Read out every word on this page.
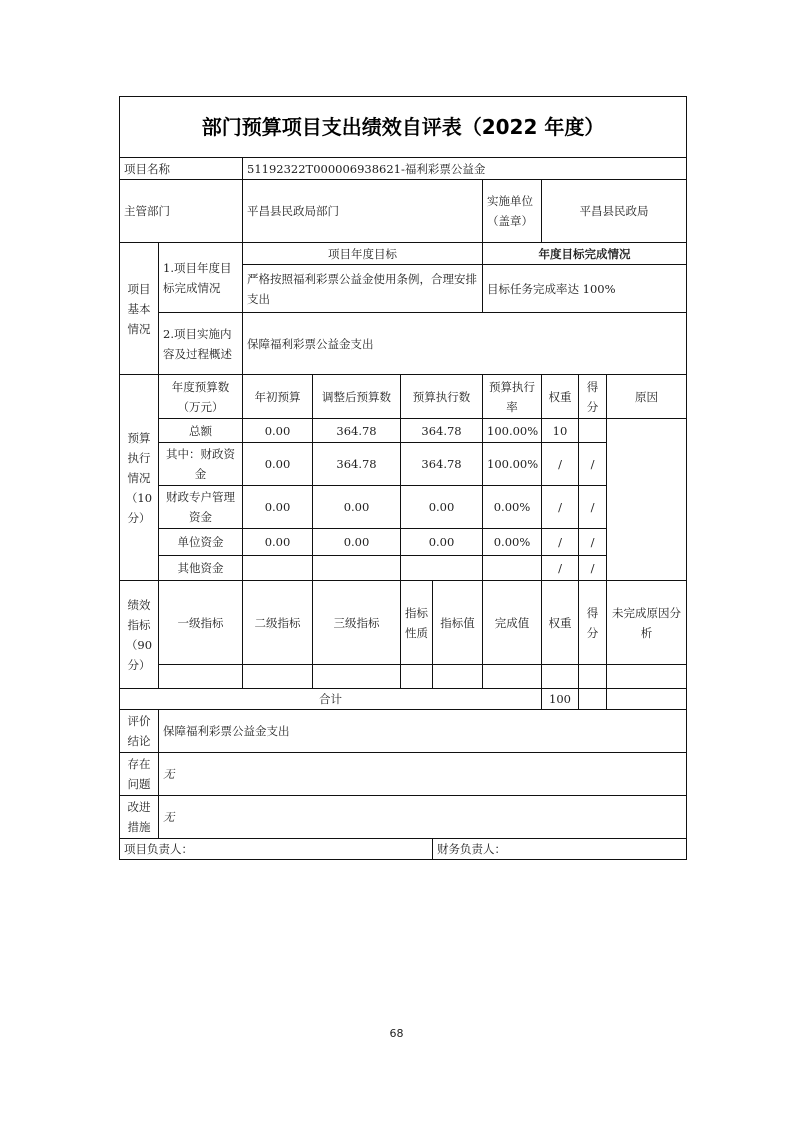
部门预算项目支出绩效自评表（2022 年度）									
项目名称		51192322T000006938621-福利彩票公益金							
主管部门		平昌县民政局部门				实施单位（盖章）	平昌县民政局		
项目基本情况	1.项目年度目标完成情况	项目年度目标				年度目标完成情况			
		严格按照福利彩票公益金使用条例，合理安排支出				目标任务完成率达 100%			
	2.项目实施内容及过程概述	保障福利彩票公益金支出							
预算执行情况（10分）	年度预算数（万元）	年初预算	调整后预算数	预算执行数		预算执行率	权重	得分	原因
	总额	0.00	364.78	364.78		100.00%	10		
	其中：财政资金	0.00	364.78	364.78		100.00%	/	/	
	财政专户管理资金	0.00	0.00	0.00		0.00%	/	/	
	单位资金	0.00	0.00	0.00		0.00%	/	/	
	其他资金						/	/	
绩效指标（90分）	一级指标	二级指标	三级指标	指标性质	指标值	完成值	权重	得分	未完成原因分析

合计							100		
评价结论	保障福利彩票公益金支出								
存在问题	无								
改进措施	无								
项目负责人：					财务负责人：				
68
